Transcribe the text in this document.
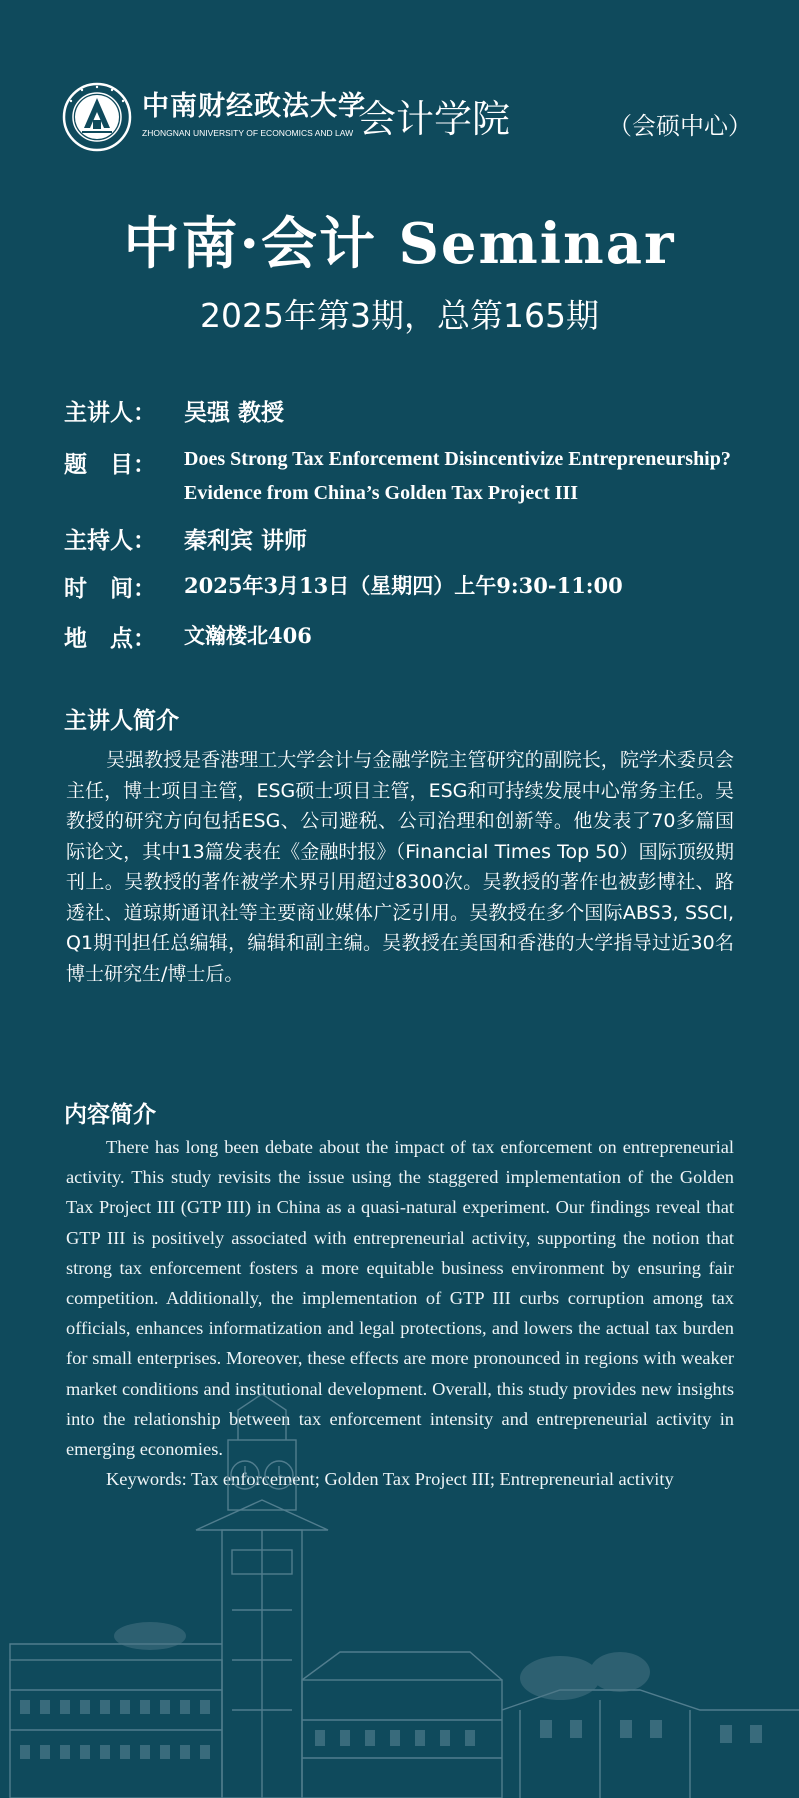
中南财经政法大学
ZHONGNAN UNIVERSITY OF ECONOMICS AND LAW 会计学院	（会硕中心）
中南·会计 Seminar
2025年第3期，总第165期
主讲人： 吴强 教授
题　目： Does Strong Tax Enforcement Disincentivize Entrepreneurship?
Evidence from China’s Golden Tax Project III
主持人： 秦利宾 讲师
时　间： 2025年3月13日（星期四）上午9:30-11:00
地　点： 文瀚楼北406
主讲人简介

吴强教授是香港理工大学会计与金融学院主管研究的副院长，院学术委员会主任，博士项目主管，ESG硕士项目主管，ESG和可持续发展中心常务主任。吴教授的研究方向包括ESG、公司避税、公司治理和创新等。他发表了70多篇国际论文，其中13篇发表在《金融时报》（Financial Times Top 50）国际顶级期刊上。吴教授的著作被学术界引用超过8300次。吴教授的著作也被彭博社、路透社、道琼斯通讯社等主要商业媒体广泛引用。吴教授在多个国际ABS3, SSCI, Q1期刊担任总编辑，编辑和副主编。吴教授在美国和香港的大学指导过近30名博士研究生/博士后。

内容简介

There has long been debate about the impact of tax enforcement on entrepreneurial activity. This study revisits the issue using the staggered implementation of the Golden Tax Project III (GTP III) in China as a quasi-natural experiment. Our findings reveal that GTP III is positively associated with entrepreneurial activity, supporting the notion that strong tax enforcement fosters a more equitable business environment by ensuring fair competition. Additionally, the implementation of GTP III curbs corruption among tax officials, enhances informatization and legal protections, and lowers the actual tax burden for small enterprises. Moreover, these effects are more pronounced in regions with weaker market conditions and institutional development. Overall, this study provides new insights into the relationship between tax enforcement intensity and entrepreneurial activity in emerging economies.

Keywords: Tax enforcement; Golden Tax Project III; Entrepreneurial activity
